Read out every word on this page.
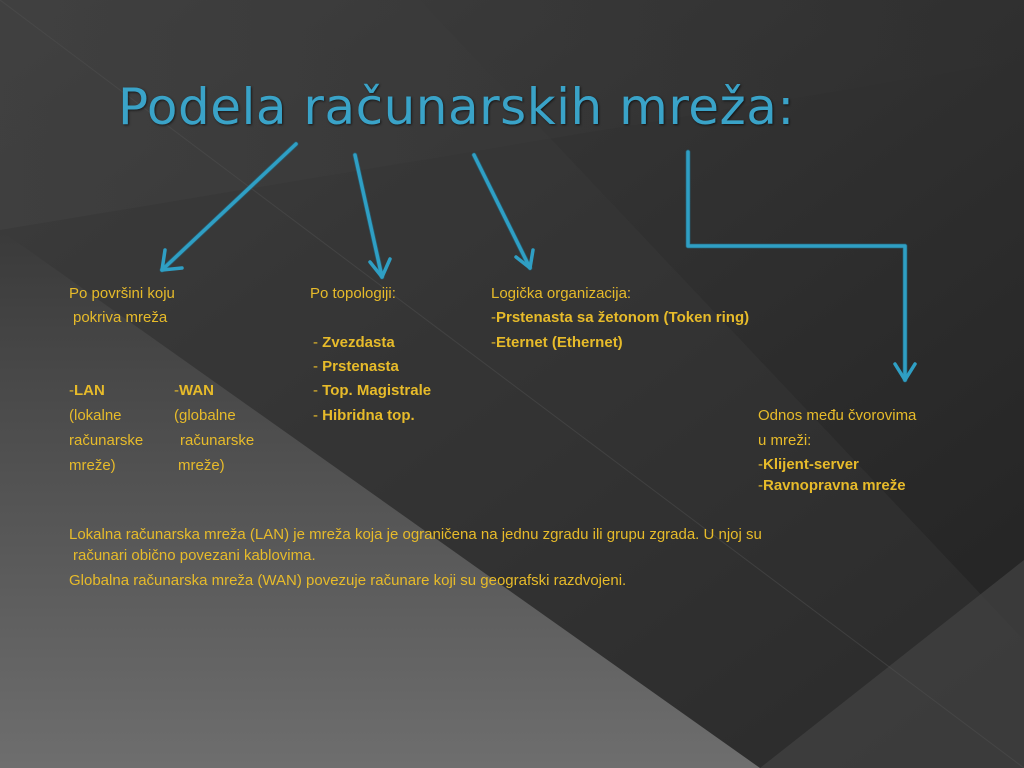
Podela računarskih mreža:
Po površini koju
pokriva mreža
-LAN
(lokalne
računarske
mreže)
-WAN
(globalne
računarske
mreže)
Po topologiji:
- Zvezdasta
- Prstenasta
- Top. Magistrale
- Hibridna top.
Logička organizacija:
-Prstenasta sa žetonom (Token ring)
-Eternet (Ethernet)
Odnos među čvorovima
u mreži:
-Klijent-server
-Ravnopravna mreže
Lokalna računarska mreža (LAN) je mreža koja je ograničena na jednu zgradu ili grupu zgrada. U njoj su
računari obično povezani kablovima.
Globalna računarska mreža (WAN) povezuje računare koji su geografski razdvojeni.
